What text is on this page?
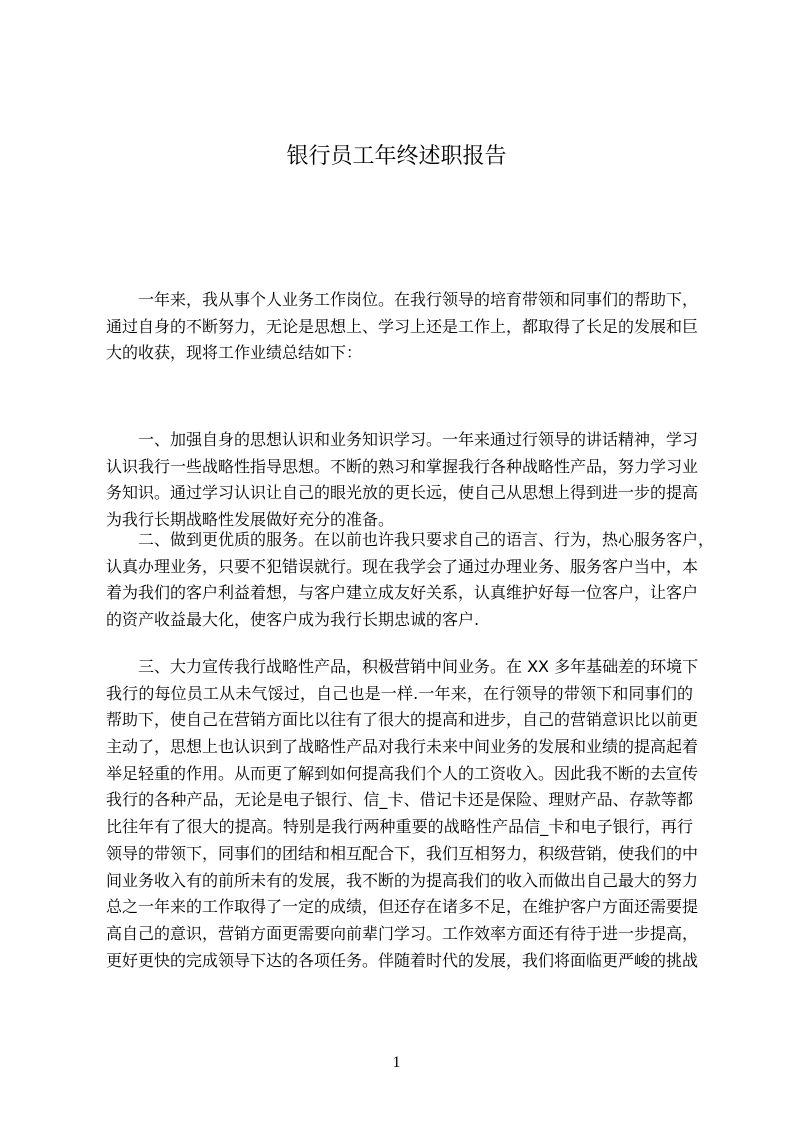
银行员工年终述职报告
一年来，我从事个人业务工作岗位。在我行领导的培育带领和同事们的帮助下，
通过自身的不断努力，无论是思想上、学习上还是工作上，都取得了长足的发展和巨
大的收获，现将工作业绩总结如下：
一、加强自身的思想认识和业务知识学习。一年来通过行领导的讲话精神，学习
认识我行一些战略性指导思想。不断的熟习和掌握我行各种战略性产品，努力学习业
务知识。通过学习认识让自己的眼光放的更长远，使自己从思想上得到进一步的提高
为我行长期战略性发展做好充分的准备。
二、做到更优质的服务。在以前也许我只要求自己的语言、行为，热心服务客户，
认真办理业务，只要不犯错误就行。现在我学会了通过办理业务、服务客户当中，本
着为我们的客户利益着想，与客户建立成友好关系，认真维护好每一位客户，让客户
的资产收益最大化，使客户成为我行长期忠诚的客户.
三、大力宣传我行战略性产品，积极营销中间业务。在 XX 多年基础差的环境下
我行的每位员工从未气馁过，自己也是一样.一年来，在行领导的带领下和同事们的
帮助下，使自己在营销方面比以往有了很大的提高和进步，自己的营销意识比以前更
主动了，思想上也认识到了战略性产品对我行未来中间业务的发展和业绩的提高起着
举足轻重的作用。从而更了解到如何提高我们个人的工资收入。因此我不断的去宣传
我行的各种产品，无论是电子银行、信_卡、借记卡还是保险、理财产品、存款等都
比往年有了很大的提高。特别是我行两种重要的战略性产品信_卡和电子银行，再行
领导的带领下，同事们的团结和相互配合下，我们互相努力，积级营销，使我们的中
间业务收入有的前所未有的发展，我不断的为提高我们的收入而做出自己最大的努力
总之一年来的工作取得了一定的成绩，但还存在诸多不足，在维护客户方面还需要提
高自己的意识，营销方面更需要向前辈门学习。工作效率方面还有待于进一步提高，
更好更快的完成领导下达的各项任务。伴随着时代的发展，我们将面临更严峻的挑战
1
